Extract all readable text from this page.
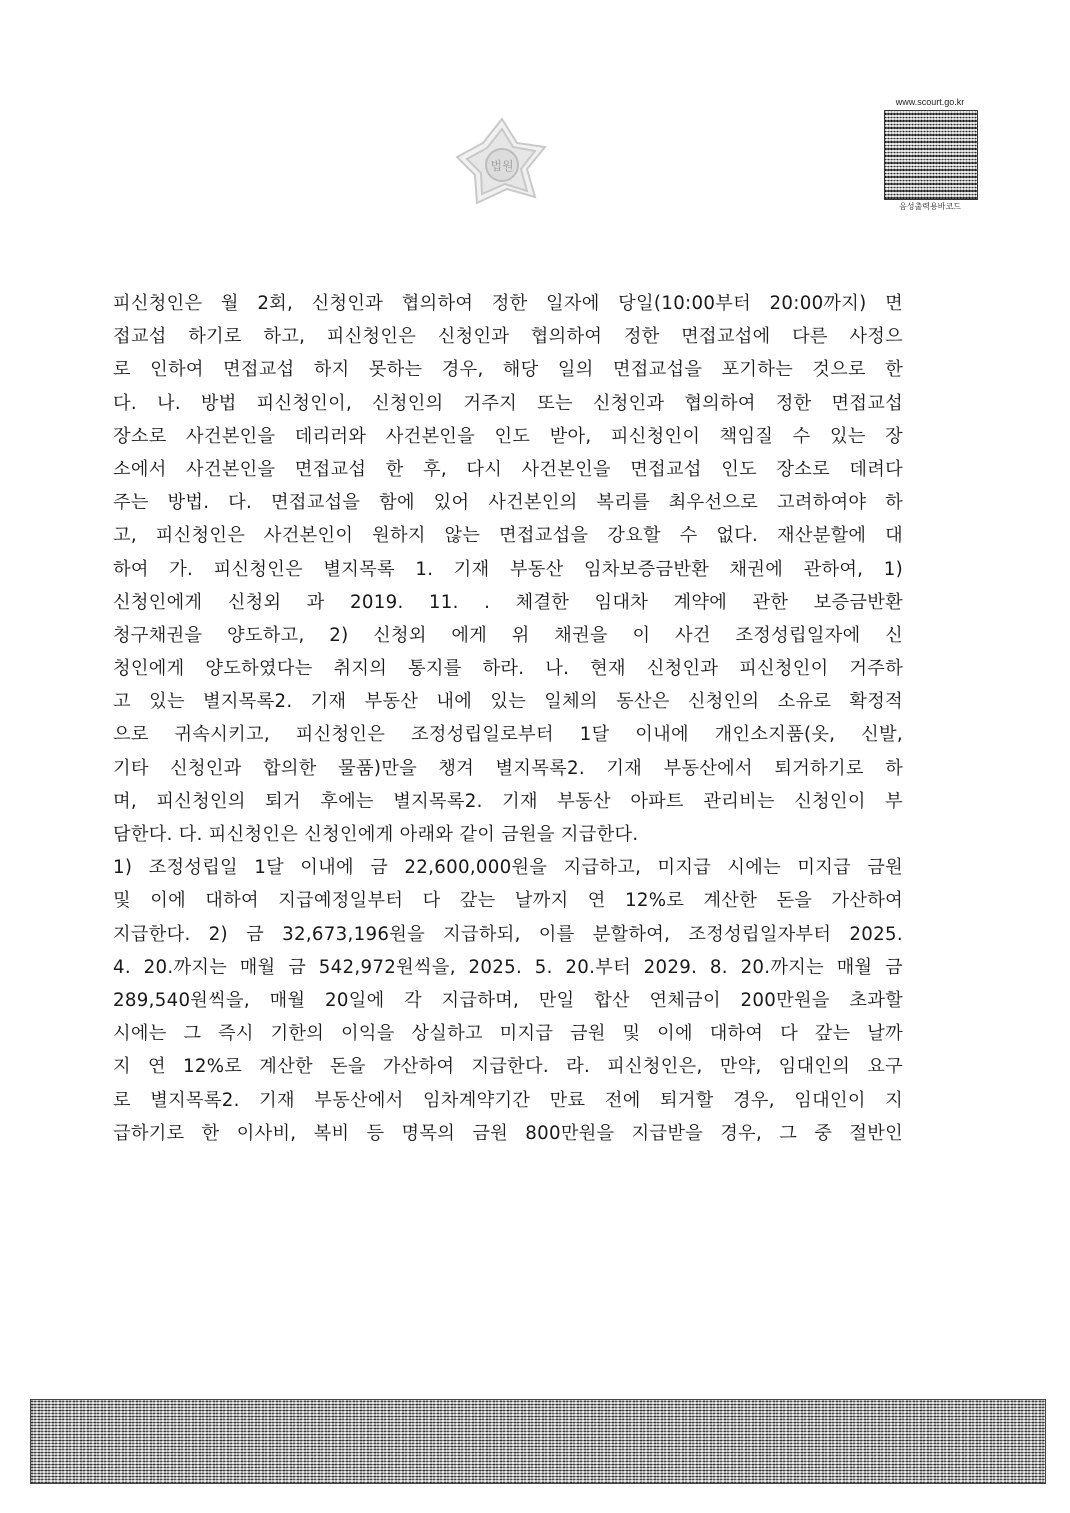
법원
www.scourt.go.kr
음성출력용바코드
피신청인은 월 2회, 신청인과 협의하여 정한 일자에 당일(10:00부터 20:00까지) 면
접교섭 하기로 하고, 피신청인은 신청인과 협의하여 정한 면접교섭에 다른 사정으
로 인하여 면접교섭 하지 못하는 경우, 해당 일의 면접교섭을 포기하는 것으로 한
다. 나. 방법 피신청인이, 신청인의 거주지 또는 신청인과 협의하여 정한 면접교섭
장소로 사건본인을 데리러와 사건본인을 인도 받아, 피신청인이 책임질 수 있는 장
소에서 사건본인을 면접교섭 한 후, 다시 사건본인을 면접교섭 인도 장소로 데려다
주는 방법. 다. 면접교섭을 함에 있어 사건본인의 복리를 최우선으로 고려하여야 하
고, 피신청인은 사건본인이 원하지 않는 면접교섭을 강요할 수 없다. 재산분할에 대
하여 가. 피신청인은 별지목록 1. 기재 부동산 임차보증금반환 채권에 관하여, 1)
신청인에게 신청외 과 2019. 11. . 체결한 임대차 계약에 관한 보증금반환
청구채권을 양도하고, 2) 신청외 에게 위 채권을 이 사건 조정성립일자에 신
청인에게 양도하였다는 취지의 통지를 하라. 나. 현재 신청인과 피신청인이 거주하
고 있는 별지목록2. 기재 부동산 내에 있는 일체의 동산은 신청인의 소유로 확정적
으로 귀속시키고, 피신청인은 조정성립일로부터 1달 이내에 개인소지품(옷, 신발,
기타 신청인과 합의한 물품)만을 챙겨 별지목록2. 기재 부동산에서 퇴거하기로 하
며, 피신청인의 퇴거 후에는 별지목록2. 기재 부동산 아파트 관리비는 신청인이 부
담한다. 다. 피신청인은 신청인에게 아래와 같이 금원을 지급한다.
1) 조정성립일 1달 이내에 금 22,600,000원을 지급하고, 미지급 시에는 미지급 금원
및 이에 대하여 지급예정일부터 다 갚는 날까지 연 12%로 계산한 돈을 가산하여
지급한다. 2) 금 32,673,196원을 지급하되, 이를 분할하여, 조정성립일자부터 2025.
4. 20.까지는 매월 금 542,972원씩을, 2025. 5. 20.부터 2029. 8. 20.까지는 매월 금
289,540원씩을, 매월 20일에 각 지급하며, 만일 합산 연체금이 200만원을 초과할
시에는 그 즉시 기한의 이익을 상실하고 미지급 금원 및 이에 대하여 다 갚는 날까
지 연 12%로 계산한 돈을 가산하여 지급한다. 라. 피신청인은, 만약, 임대인의 요구
로 별지목록2. 기재 부동산에서 임차계약기간 만료 전에 퇴거할 경우, 임대인이 지
급하기로 한 이사비, 복비 등 명목의 금원 800만원을 지급받을 경우, 그 중 절반인
